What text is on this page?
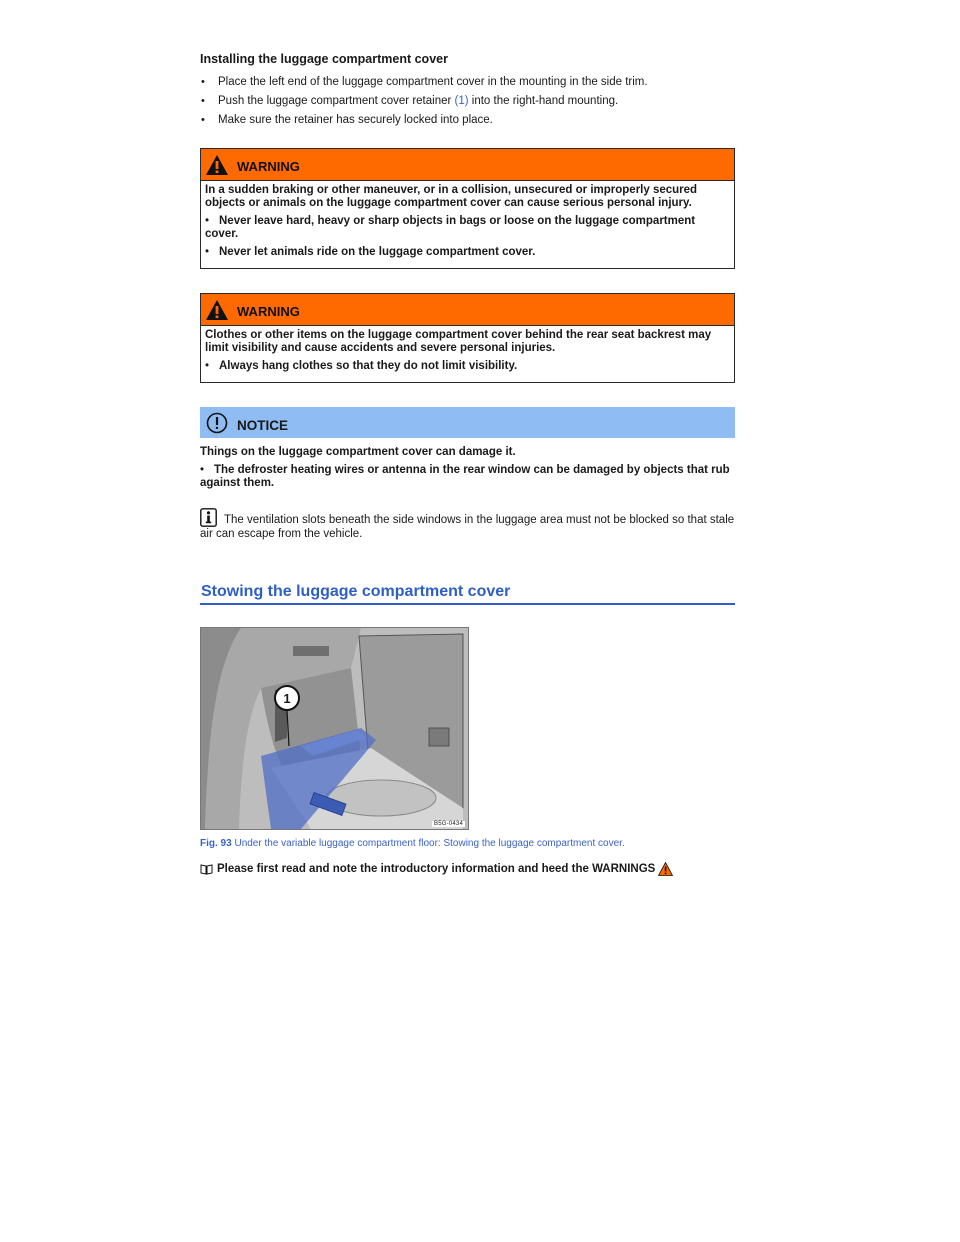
Installing the luggage compartment cover
• Place the left end of the luggage compartment cover in the mounting in the side trim.
• Push the luggage compartment cover retainer (1) into the right-hand mounting.
• Make sure the retainer has securely locked into place.
WARNING

In a sudden braking or other maneuver, or in a collision, unsecured or improperly secured objects or animals on the luggage compartment cover can cause serious personal injury.

• Never leave hard, heavy or sharp objects in bags or loose on the luggage compartment cover.
• Never let animals ride on the luggage compartment cover.
WARNING

Clothes or other items on the luggage compartment cover behind the rear seat backrest may limit visibility and cause accidents and severe personal injuries.

• Always hang clothes so that they do not limit visibility.
NOTICE

Things on the luggage compartment cover can damage it.

• The defroster heating wires or antenna in the rear window can be damaged by objects that rub against them.
The ventilation slots beneath the side windows in the luggage area must not be blocked so that stale air can escape from the vehicle.
Stowing the luggage compartment cover
1
B5G-0434
Fig. 93 Under the variable luggage compartment floor: Stowing the luggage compartment cover.
Please first read and note the introductory information and heed the WARNINGS
